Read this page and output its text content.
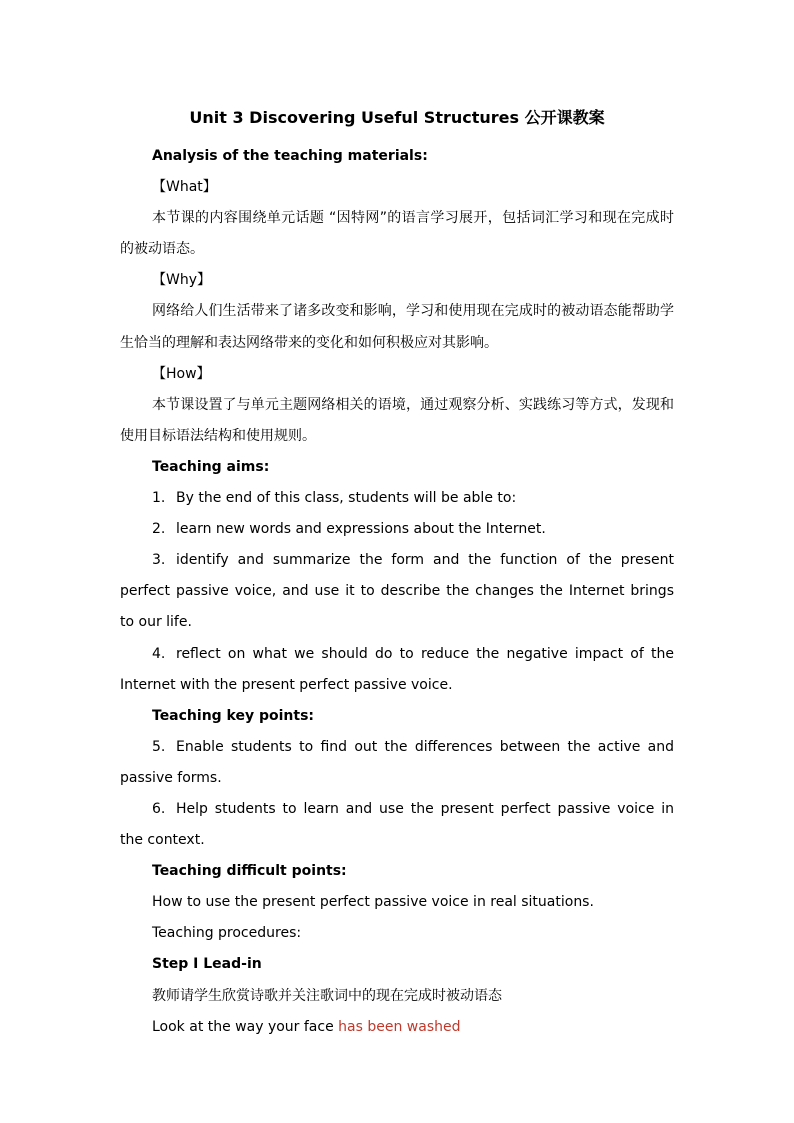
Unit 3 Discovering Useful Structures 公开课教案

Analysis of the teaching materials:

【What】

本节课的内容围绕单元话题 “因特网”的语言学习展开，包括词汇学习和现在完成时的被动语态。

【Why】

网络给人们生活带来了诸多改变和影响，学习和使用现在完成时的被动语态能帮助学生恰当的理解和表达网络带来的变化和如何积极应对其影响。

【How】

本节课设置了与单元主题网络相关的语境，通过观察分析、实践练习等方式，发现和使用目标语法结构和使用规则。

Teaching aims:

1. By the end of this class, students will be able to:

2. learn new words and expressions about the Internet.

3. identify and summarize the form and the function of the present perfect passive voice, and use it to describe the changes the Internet brings to our life.

4. reflect on what we should do to reduce the negative impact of the Internet with the present perfect passive voice.

Teaching key points:

5. Enable students to find out the differences between the active and passive forms.

6. Help students to learn and use the present perfect passive voice in the context.

Teaching difficult points:

How to use the present perfect passive voice in real situations.

Teaching procedures:

Step Ⅰ Lead-in

教师请学生欣赏诗歌并关注歌词中的现在完成时被动语态

Look at the way your face has been washed
